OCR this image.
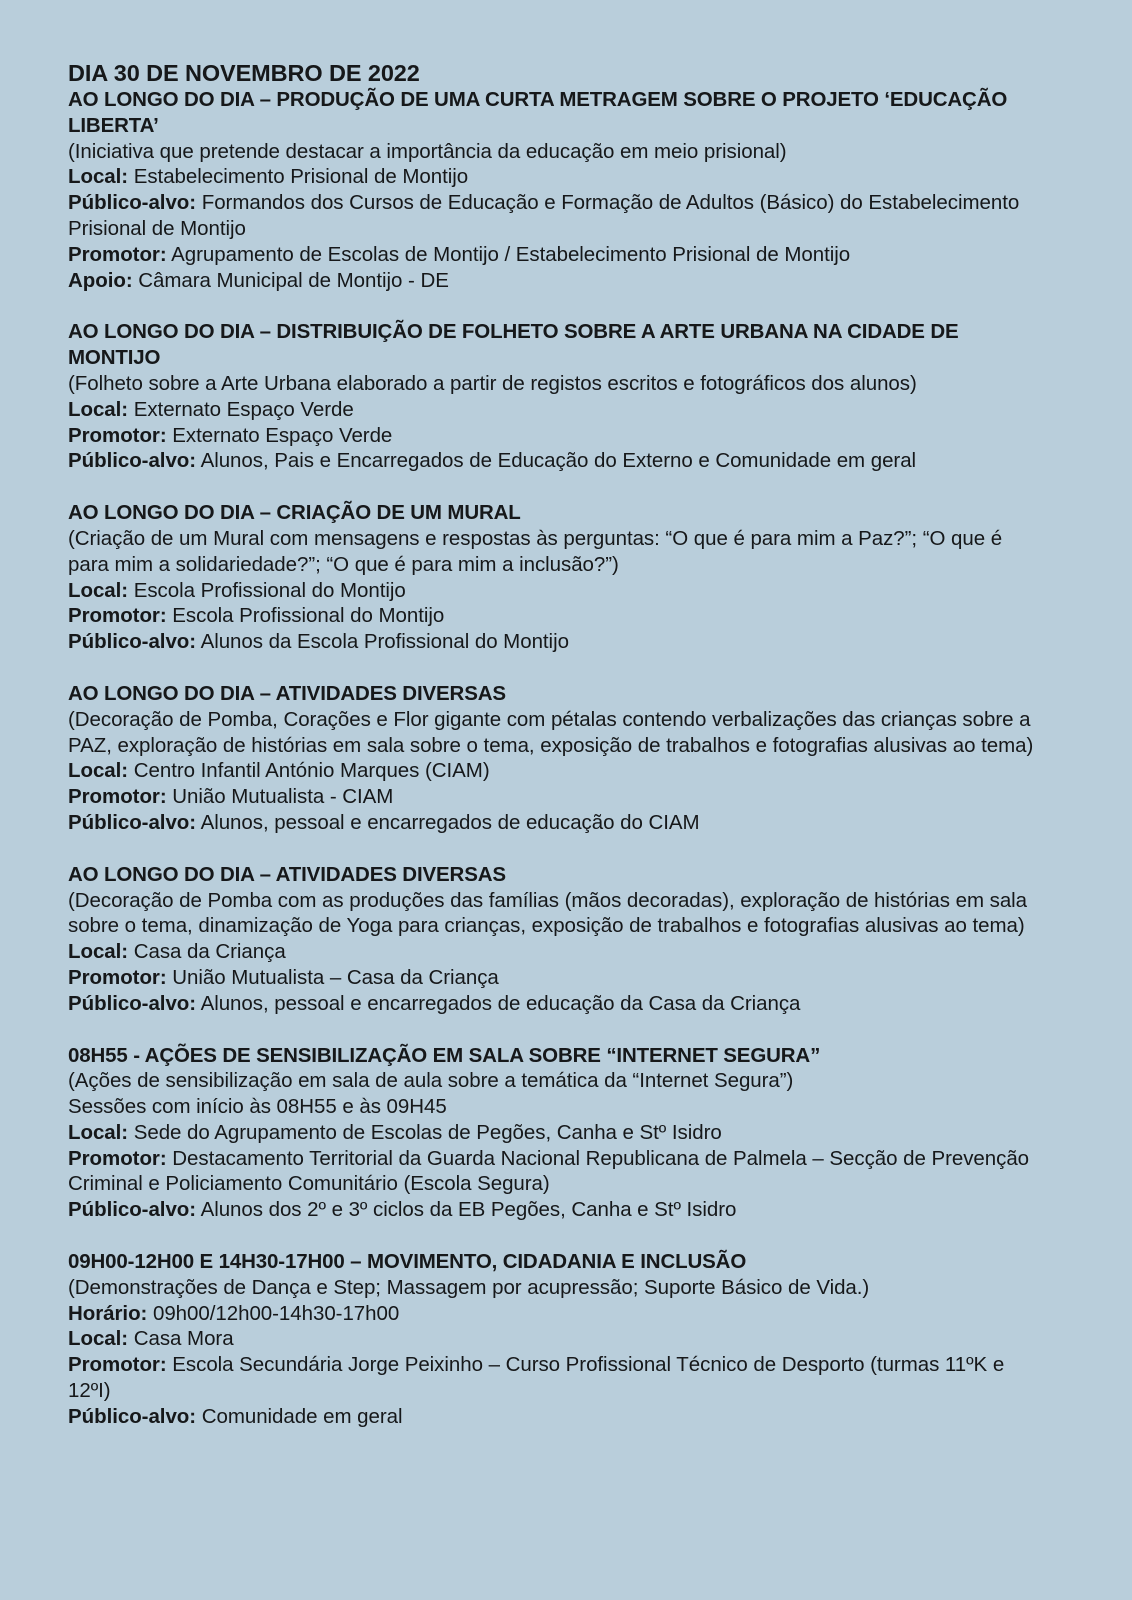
DIA 30 DE NOVEMBRO DE 2022
AO LONGO DO DIA – PRODUÇÃO DE UMA CURTA METRAGEM SOBRE O PROJETO ‘EDUCAÇÃO LIBERTA’
(Iniciativa que pretende destacar a importância da educação em meio prisional)
Local: Estabelecimento Prisional de Montijo
Público-alvo: Formandos dos Cursos de Educação e Formação de Adultos (Básico) do Estabelecimento Prisional de Montijo
Promotor: Agrupamento de Escolas de Montijo / Estabelecimento Prisional de Montijo
Apoio: Câmara Municipal de Montijo - DE
AO LONGO DO DIA – DISTRIBUIÇÃO DE FOLHETO SOBRE A ARTE URBANA NA CIDADE DE MONTIJO
(Folheto sobre a Arte Urbana elaborado a partir de registos escritos e fotográficos dos alunos)
Local: Externato Espaço Verde
Promotor: Externato Espaço Verde
Público-alvo: Alunos, Pais e Encarregados de Educação do Externo e Comunidade em geral
AO LONGO DO DIA – CRIAÇÃO DE UM MURAL
(Criação de um Mural com mensagens e respostas às perguntas: “O que é para mim a Paz?”; “O que é para mim a solidariedade?”; “O que é para mim a inclusão?”)
Local: Escola Profissional do Montijo
Promotor: Escola Profissional do Montijo
Público-alvo: Alunos da Escola Profissional do Montijo
AO LONGO DO DIA – ATIVIDADES DIVERSAS
(Decoração de Pomba, Corações e Flor gigante com pétalas contendo verbalizações das crianças sobre a PAZ, exploração de histórias em sala sobre o tema, exposição de trabalhos e fotografias alusivas ao tema)
Local: Centro Infantil António Marques (CIAM)
Promotor: União Mutualista - CIAM
Público-alvo: Alunos, pessoal e encarregados de educação do CIAM
AO LONGO DO DIA – ATIVIDADES DIVERSAS
(Decoração de Pomba com as produções das famílias (mãos decoradas), exploração de histórias em sala sobre o tema, dinamização de Yoga para crianças, exposição de trabalhos e fotografias alusivas ao tema)
Local: Casa da Criança
Promotor: União Mutualista – Casa da Criança
Público-alvo: Alunos, pessoal e encarregados de educação da Casa da Criança
08H55 - AÇÕES DE SENSIBILIZAÇÃO EM SALA SOBRE “INTERNET SEGURA”
(Ações de sensibilização em sala de aula sobre a temática da “Internet Segura”)
Sessões com início às 08H55 e às 09H45
Local: Sede do Agrupamento de Escolas de Pegões, Canha e Stº Isidro
Promotor: Destacamento Territorial da Guarda Nacional Republicana de Palmela – Secção de Prevenção Criminal e Policiamento Comunitário (Escola Segura)
Público-alvo: Alunos dos 2º e 3º ciclos da EB Pegões, Canha e Stº Isidro
09H00-12H00 E 14H30-17H00 – MOVIMENTO, CIDADANIA E INCLUSÃO
(Demonstrações de Dança e Step; Massagem por acupressão; Suporte Básico de Vida.)
Horário: 09h00/12h00-14h30-17h00
Local: Casa Mora
Promotor: Escola Secundária Jorge Peixinho – Curso Profissional Técnico de Desporto (turmas 11ºK e 12ºI)
Público-alvo: Comunidade em geral
